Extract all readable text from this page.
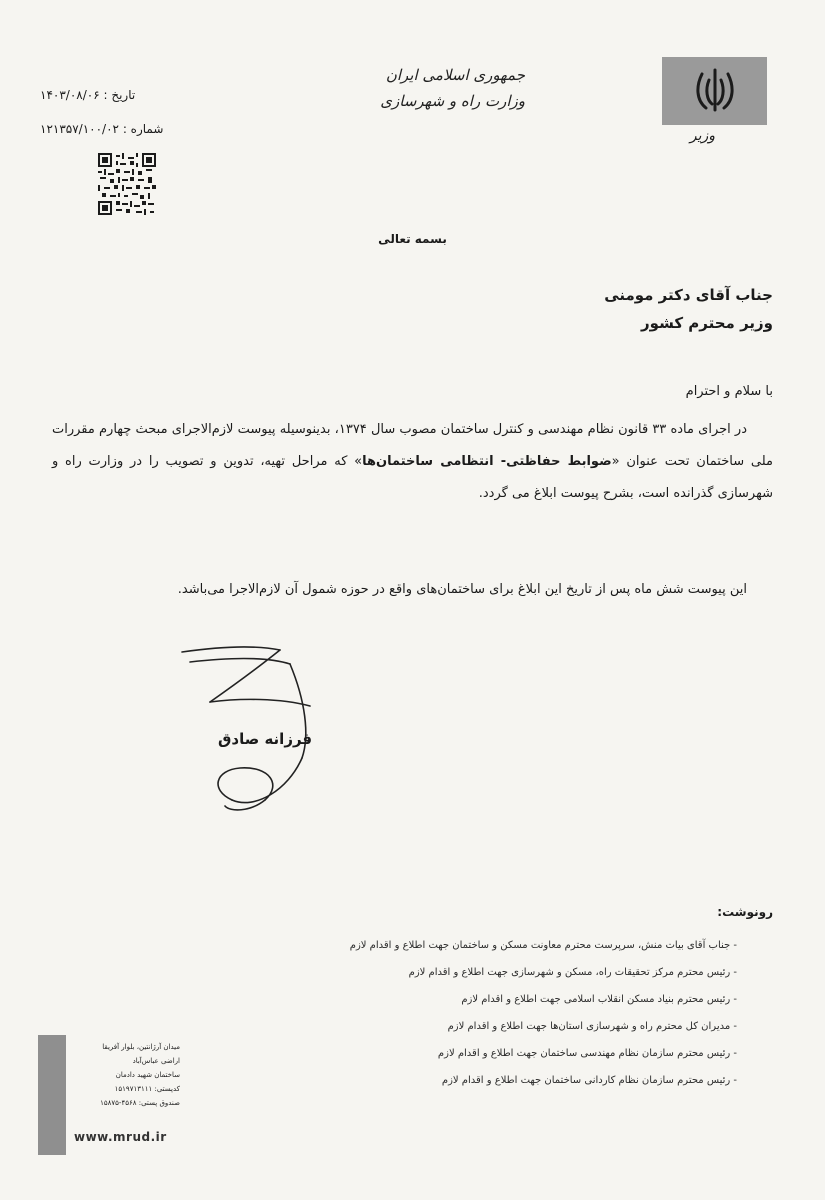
جمهوری اسلامی ایران
وزارت راه و شهرسازی
وزیر
تاریخ : ۱۴۰۳/۰۸/۰۶
شماره : ۱۲۱۳۵۷/۱۰۰/۰۲
بسمه تعالی
جناب آقای دکتر مومنی
وزیر محترم کشور
با سلام و احترام
در اجرای ماده ۳۳ قانون نظام مهندسی و کنترل ساختمان مصوب سال ۱۳۷۴، بدینوسیله پیوست لازم‌الاجرای مبحث چهارم مقررات ملی ساختمان تحت عنوان «ضوابط حفاظتی- انتظامی ساختمان‌ها» که مراحل تهیه، تدوین و تصویب را در وزارت راه و شهرسازی گذرانده است، بشرح پیوست ابلاغ می گردد.
این پیوست شش ماه پس از تاریخ این ابلاغ برای ساختمان‌های واقع در حوزه شمول آن لازم‌الاجرا می‌باشد.
فرزانه صادق
رونوشت:
- جناب آقای بیات منش، سرپرست محترم معاونت مسکن و ساختمان جهت اطلاع و اقدام لازم
- رئیس محترم مرکز تحقیقات راه، مسکن و شهرسازی جهت اطلاع و اقدام لازم
- رئیس محترم بنیاد مسکن انقلاب اسلامی جهت اطلاع و اقدام لازم
- مدیران کل محترم راه و شهرسازی استان‌ها جهت اطلاع و اقدام لازم
- رئیس محترم سازمان نظام مهندسی ساختمان جهت اطلاع و اقدام لازم
- رئیس محترم سازمان نظام کاردانی ساختمان جهت اطلاع و اقدام لازم
میدان آرژانتین، بلوار آفریقا
اراضی عباس‌آباد
ساختمان شهید دادمان
کدپستی: ۱۵۱۹۷۱۳۱۱۱
صندوق پستی: ۴۵۶۸-۱۵۸۷۵
www.mrud.ir
